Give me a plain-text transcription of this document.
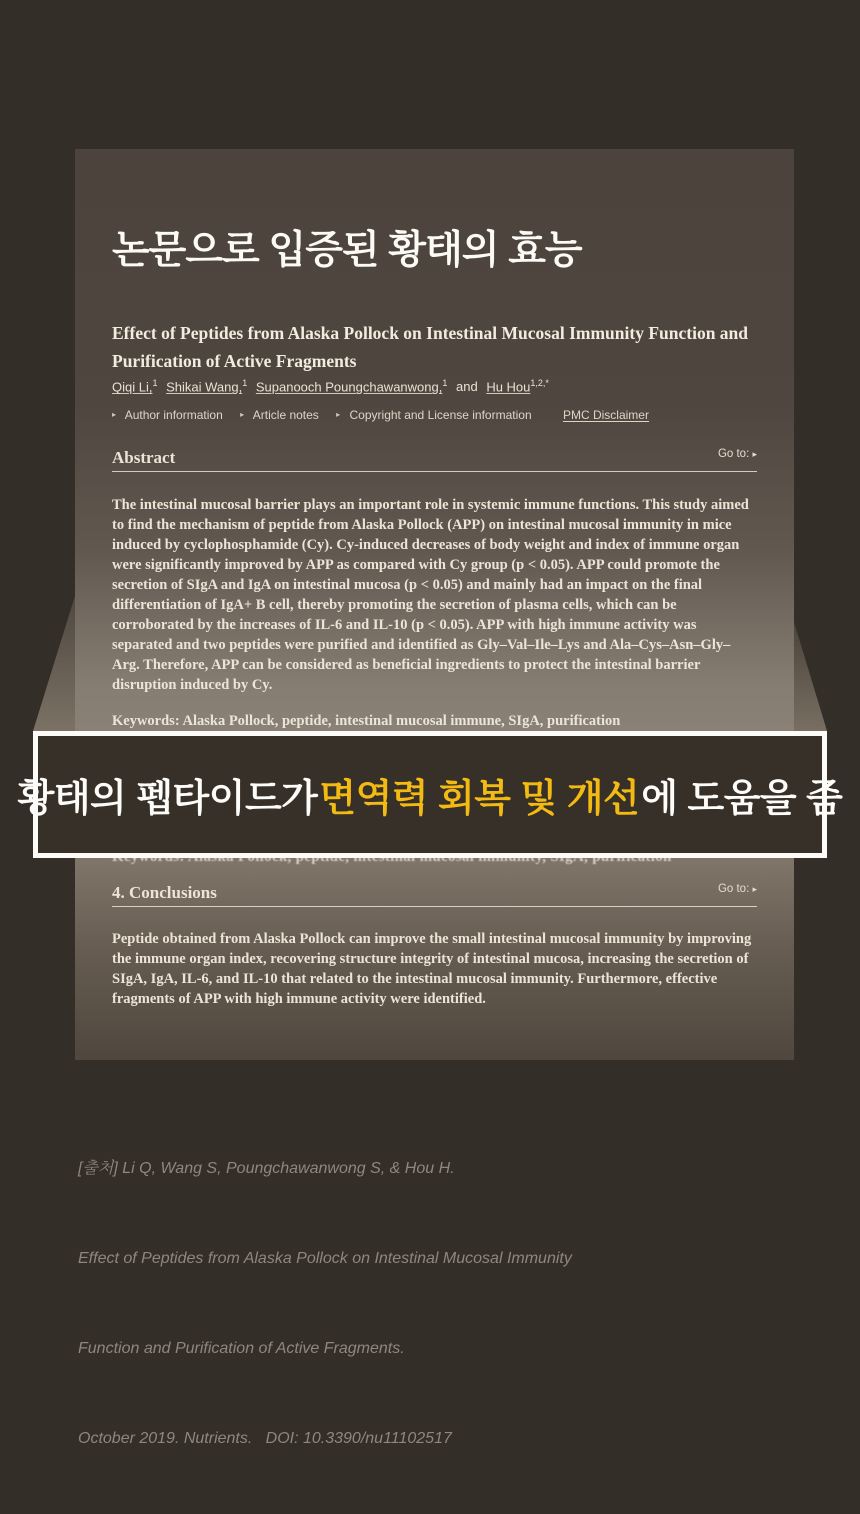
논문으로 입증된 황태의 효능
Effect of Peptides from Alaska Pollock on Intestinal Mucosal Immunity Function and Purification of Active Fragments
Qiqi Li,$^1$ Shikai Wang,$^1$ Supanooch Poungchawanwong,$^1$ and Hu Hou$^{1,2,*}$
▸ Author information ▸ Article notes ▸ Copyright and License information	PMC Disclaimer
Abstract	Go to: ▸

The intestinal mucosal barrier plays an important role in systemic immune functions. This study aimed to find the mechanism of peptide from Alaska Pollock (APP) on intestinal mucosal immunity in mice induced by cyclophosphamide (Cy). Cy-induced decreases of body weight and index of immune organ were significantly improved by APP as compared with Cy group (p < 0.05). APP could promote the secretion of SIgA and IgA on intestinal mucosa (p < 0.05) and mainly had an impact on the final differentiation of IgA+ B cell, thereby promoting the secretion of plasma cells, which can be corroborated by the increases of IL-6 and IL-10 (p < 0.05). APP with high immune activity was separated and two peptides were purified and identified as Gly–Val–Ile–Lys and Ala–Cys–Asn–Gly–Arg. Therefore, APP can be considered as beneficial ingredients to protect the intestinal barrier disruption induced by Cy.

Keywords: Alaska Pollock, peptide, intestinal mucosal immune, SIgA, purification

4. Conclusions	Go to: ▸

Peptide obtained from Alaska Pollock can improve the small intestinal mucosal immunity by improving the immune organ index, recovering structure integrity of intestinal mucosa, increasing the secretion of SIgA, IgA, IL-6, and IL-10 that related to the intestinal mucosal immunity. Furthermore, effective fragments of APP with high immune activity were identified.

황태의 펩타이드가 면역력 회복 및 개선 에 도움을 줌

[출처] Li Q, Wang S, Poungchawanwong S, & Hou H.

Effect of Peptides from Alaska Pollock on Intestinal Mucosal Immunity

Function and Purification of Active Fragments.

October 2019. Nutrients.   DOI: 10.3390/nu11102517
